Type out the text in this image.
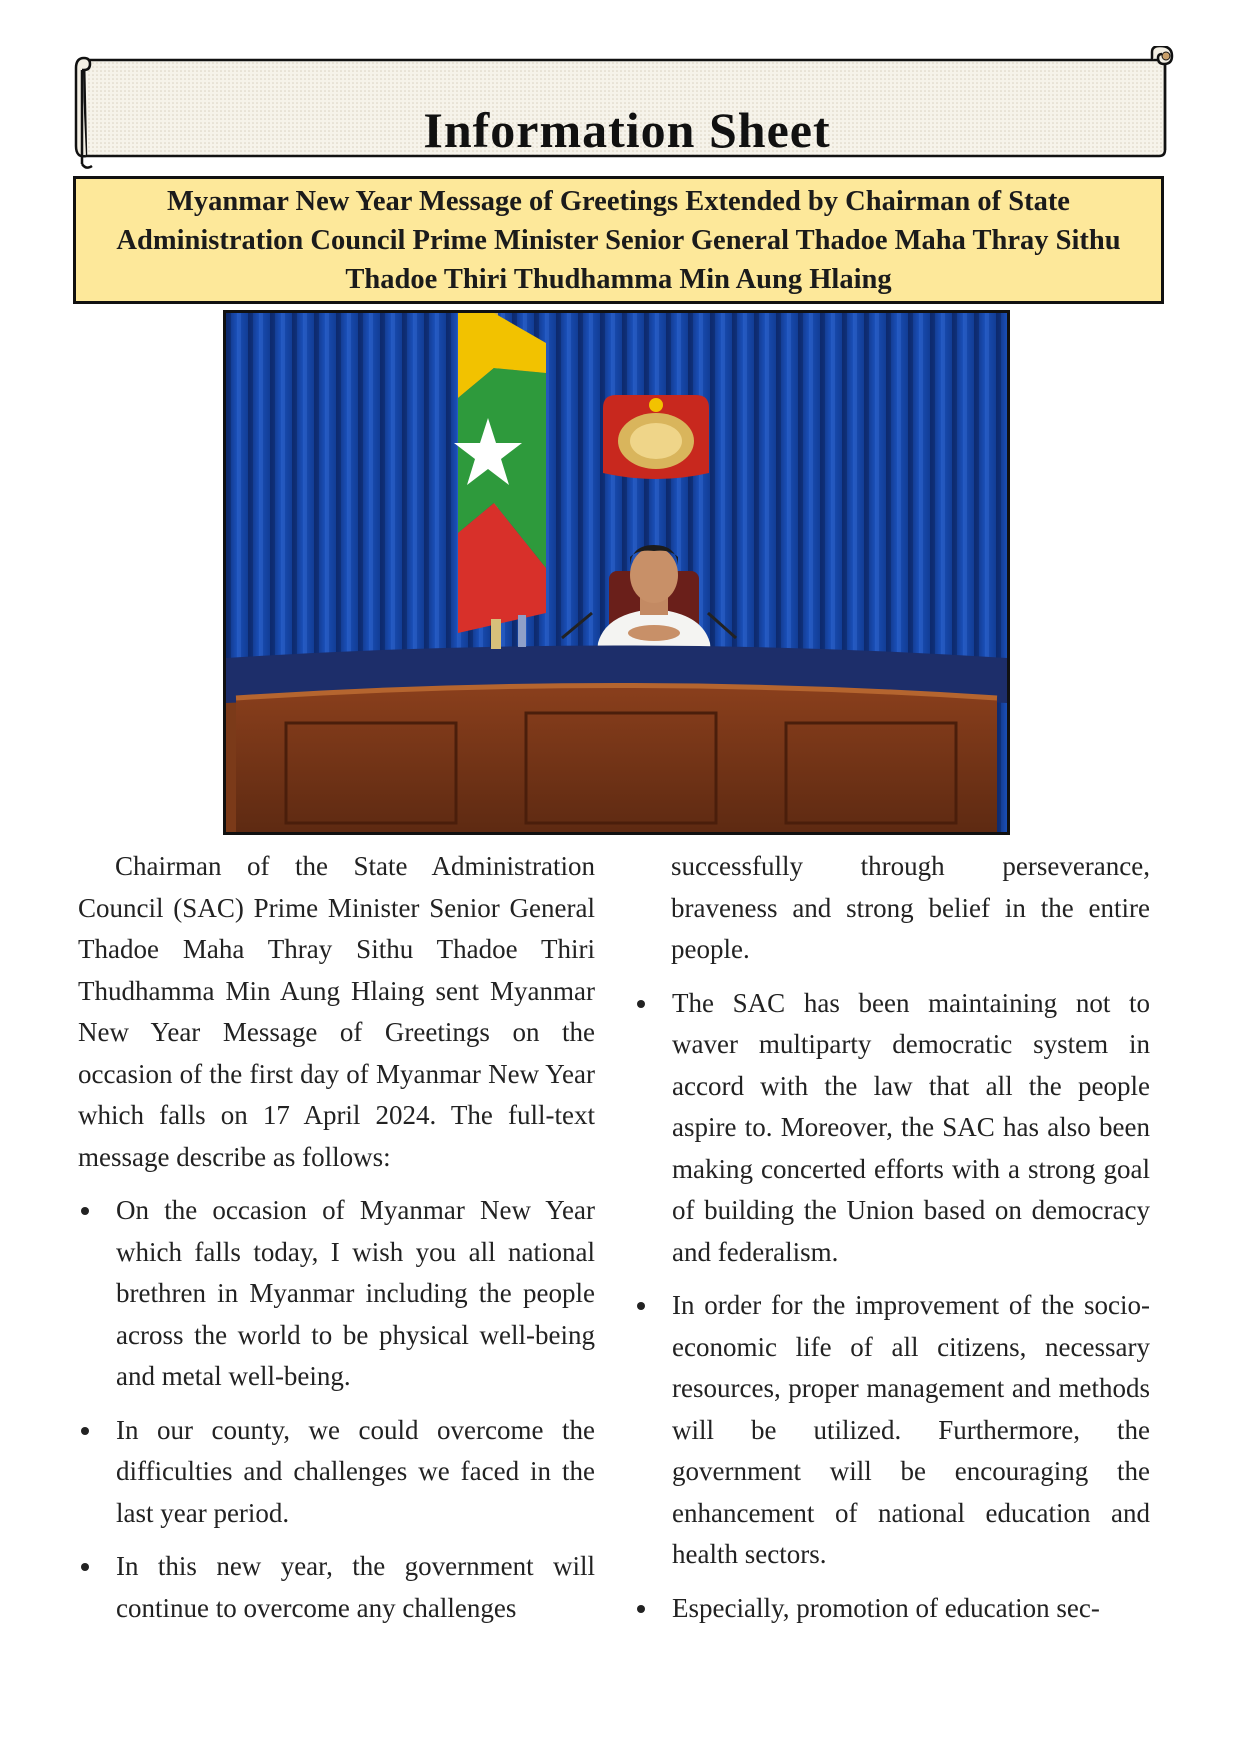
Information Sheet

Myanmar New Year Message of Greetings Extended by Chairman of State Administration Council Prime Minister Senior General Thadoe Maha Thray Sithu Thadoe Thiri Thudhamma Min Aung Hlaing

Chairman of the State Administration Council (SAC) Prime Minister Senior General Thadoe Maha Thray Sithu Thadoe Thiri Thudhamma Min Aung Hlaing sent Myanmar New Year Message of Greetings on the occasion of the first day of Myanmar New Year which falls on 17 April 2024. The full-text message describe as follows:

On the occasion of Myanmar New Year which falls today, I wish you all national brethren in Myanmar including the people across the world to be physical well-being and metal well-being.
In our county, we could overcome the difficulties and challenges we faced in the last year period.
In this new year, the government will continue to overcome any challenges

successfully through perseverance, braveness and strong belief in the entire people.

The SAC has been maintaining not to waver multiparty democratic system in accord with the law that all the people aspire to. Moreover, the SAC has also been making concerted efforts with a strong goal of building the Union based on democracy and federalism.
In order for the improvement of the socio-economic life of all citizens, necessary resources, proper management and methods will be utilized. Furthermore, the government will be encouraging the enhancement of national education and health sectors.
Especially, promotion of education sec-
